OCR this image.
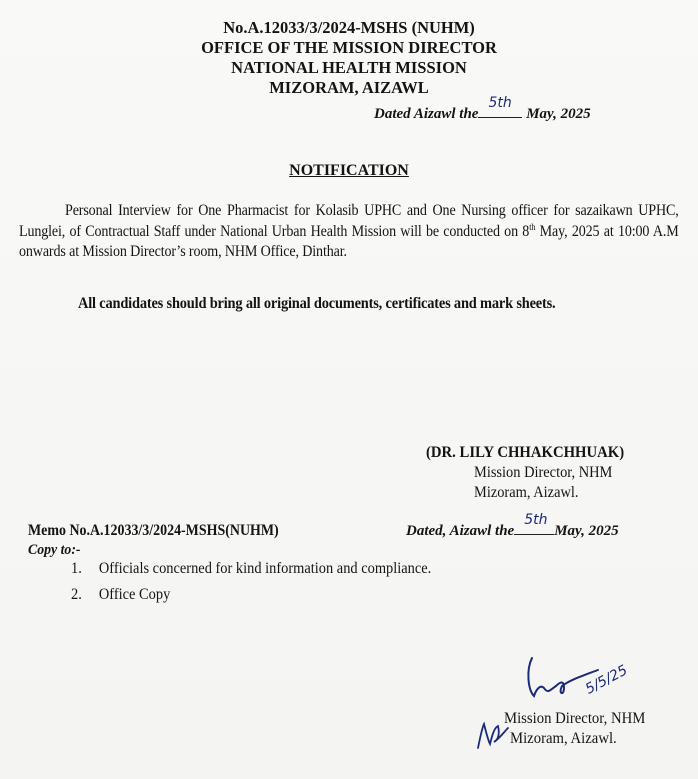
No.A.12033/3/2024-MSHS (NUHM)
OFFICE OF THE MISSION DIRECTOR
NATIONAL HEALTH MISSION
MIZORAM, AIZAWL
Dated Aizawl the
5th
May, 2025
NOTIFICATION
Personal Interview for One Pharmacist for Kolasib UPHC and One Nursing officer for sazaikawn UPHC, Lunglei, of Contractual Staff under National Urban Health Mission will be conducted on 8th May, 2025 at 10:00 A.M onwards at Mission Director’s room, NHM Office, Dinthar.
All candidates should bring all original documents, certificates and mark sheets.
(DR. LILY CHHAKCHHUAK)
Mission Director, NHM
Mizoram, Aizawl.
Memo No.A.12033/3/2024-MSHS(NUHM)	Dated, Aizawl the
5th
May, 2025
Copy to:-
1. Officials concerned for kind information and compliance.
2. Office Copy
5/5/25
Mission Director, NHM
Mizoram, Aizawl.
